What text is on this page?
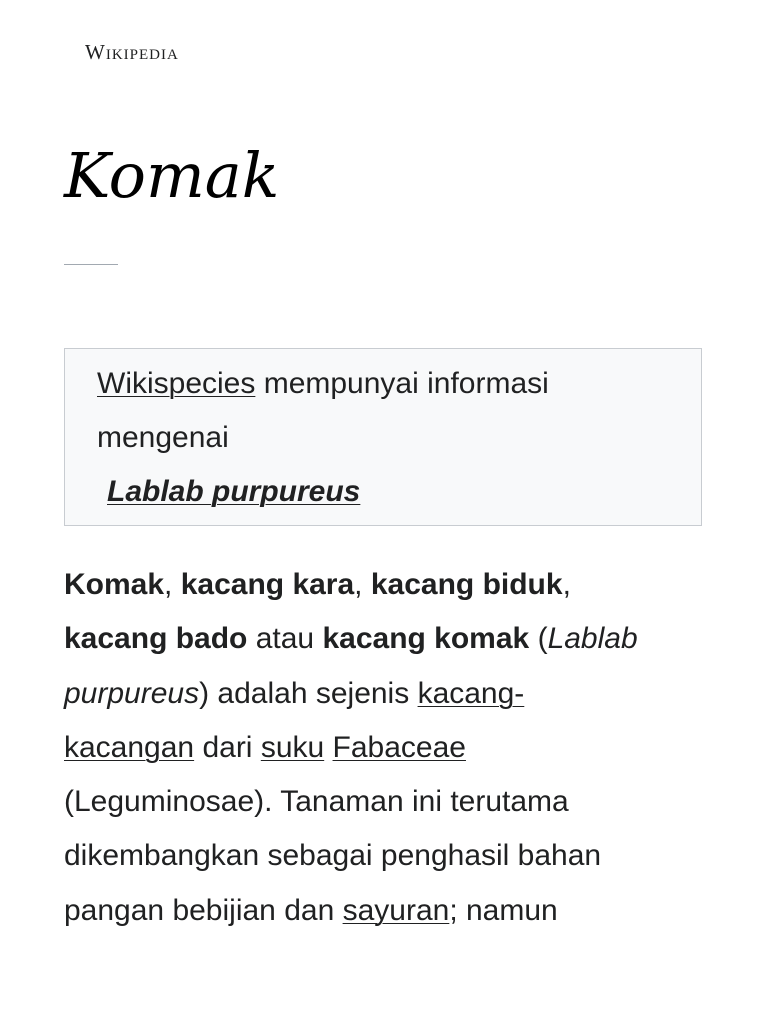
Wikipedia
Komak
Wikispecies mempunyai informasi
mengenai
Lablab purpureus

Komak, kacang kara, kacang biduk,
kacang bado atau kacang komak (Lablab
purpureus) adalah sejenis kacang-
kacangan dari suku Fabaceae
(Leguminosae). Tanaman ini terutama
dikembangkan sebagai penghasil bahan
pangan bebijian dan sayuran; namun
